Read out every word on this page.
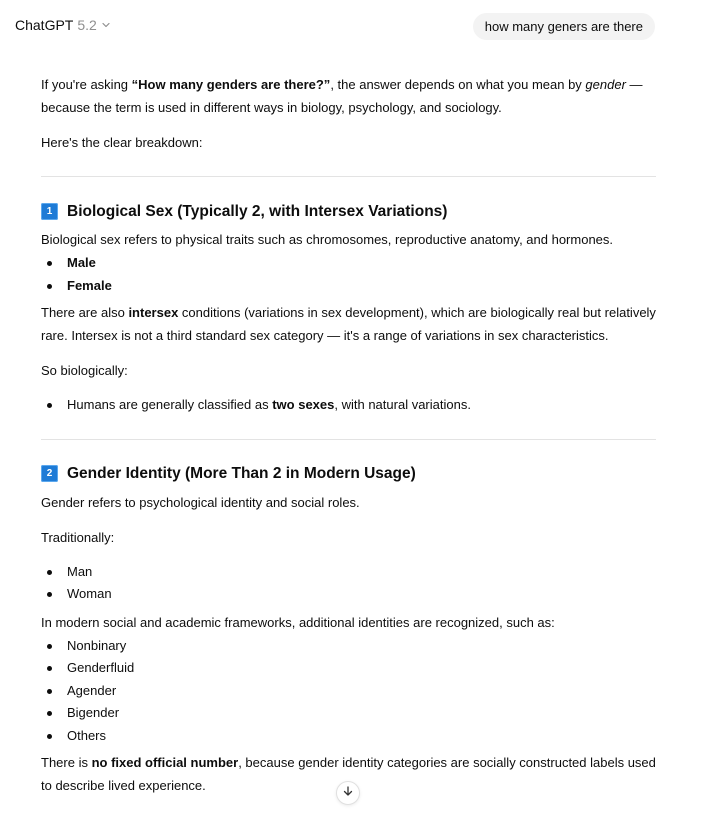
ChatGPT 5.2	how many geners are there

If you're asking “How many genders are there?”, the answer depends on what you mean by gender — because the term is used in different ways in biology, psychology, and sociology.

Here's the clear breakdown:

1 Biological Sex (Typically 2, with Intersex Variations)

Biological sex refers to physical traits such as chromosomes, reproductive anatomy, and hormones.

Male
Female

There are also intersex conditions (variations in sex development), which are biologically real but relatively rare. Intersex is not a third standard sex category — it's a range of variations in sex characteristics.

So biologically:

Humans are generally classified as two sexes, with natural variations.
2 Gender Identity (More Than 2 in Modern Usage)

Gender refers to psychological identity and social roles.

Traditionally:

Man
Woman

In modern social and academic frameworks, additional identities are recognized, such as:

Nonbinary
Genderfluid
Agender
Bigender
Others

There is no fixed official number, because gender identity categories are socially constructed labels used to describe lived experience.
